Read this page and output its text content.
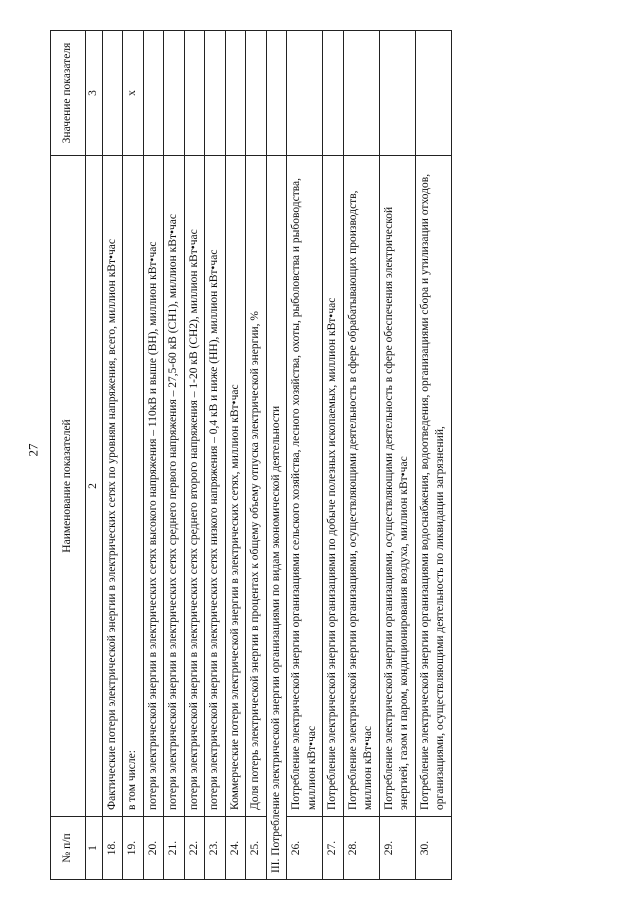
27
№ п/п	Наименование показателей	Значение показателя
1	2	3
18.	Фактические потери электрической энергии в электрических сетях по уровням напряжения, всего, миллион кВт•час	
19.	в том числе:	x
20.	потери электрической энергии в электрических сетях высокого напряжения – 110кВ и выше (ВН), миллион кВт•час	
21.	потери электрической энергии в электрических сетях среднего первого напряжения – 27,5-60 кВ (СН1), миллион кВт•час	
22.	потери электрической энергии в электрических сетях среднего второго напряжения – 1-20 кВ (СН2), миллион кВт•час	
23.	потери электрической энергии в электрических сетях низкого напряжения – 0,4 кВ и ниже (НН), миллион кВт•час	
24.	Коммерческие потери электрической энергии в электрических сетях, миллион кВт•час	
25.	Доля потерь электрической энергии в процентах к общему объему отпуска электрической энергии, %	
III. Потребление электрической энергии организациями по видам экономической деятельности		
26.	Потребление электрической энергии организациями сельского хозяйства, лесного хозяйства, охоты, рыболовства и рыбоводства, миллион кВт•час	
27.	Потребление электрической энергии организациями по добыче полезных ископаемых, миллион кВт•час	
28.	Потребление электрической энергии организациями, осуществляющими деятельность в сфере обрабатывающих производств, миллион кВт•час	
29.	Потребление электрической энергии организациями, осуществляющими деятельность в сфере обеспечения электрической энергией, газом и паром, кондиционирования воздуха, миллион кВт•час	
30.	Потребление электрической энергии организациями водоснабжения, водоотведения, организациями сбора и утилизации отходов, организациями, осуществляющими деятельность по ликвидации загрязнений,	
